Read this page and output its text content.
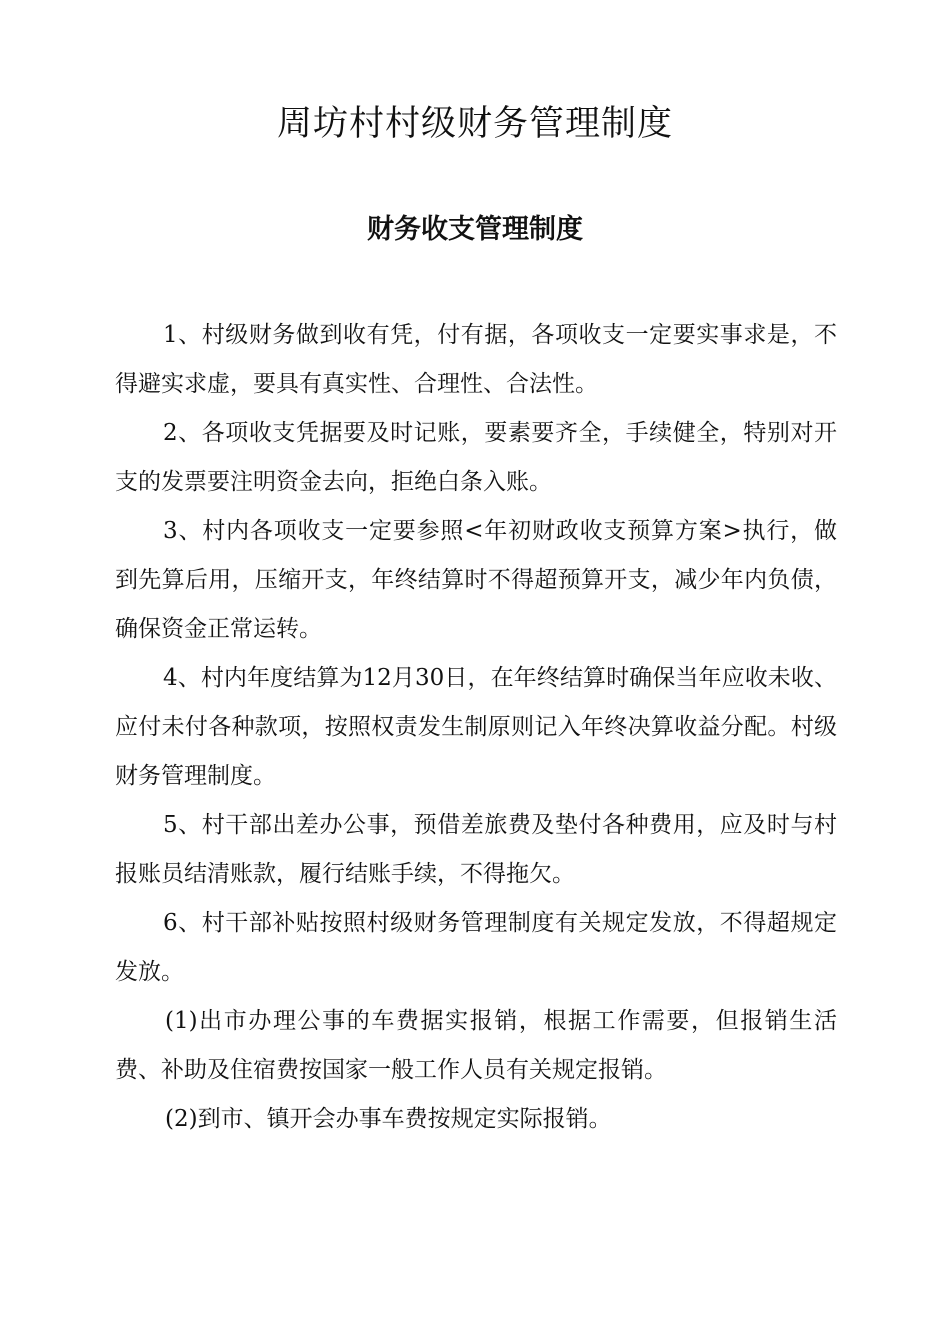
周坊村村级财务管理制度
财务收支管理制度

1、村级财务做到收有凭，付有据，各项收支一定要实事求是，不得避实求虚，要具有真实性、合理性、合法性。

2、各项收支凭据要及时记账，要素要齐全，手续健全，特别对开支的发票要注明资金去向，拒绝白条入账。

3、村内各项收支一定要参照<年初财政收支预算方案>执行，做到先算后用，压缩开支，年终结算时不得超预算开支，减少年内负债，确保资金正常运转。

4、村内年度结算为12月30日，在年终结算时确保当年应收未收、应付未付各种款项，按照权责发生制原则记入年终决算收益分配。村级财务管理制度。

5、村干部出差办公事，预借差旅费及垫付各种费用，应及时与村报账员结清账款，履行结账手续，不得拖欠。

6、村干部补贴按照村级财务管理制度有关规定发放，不得超规定发放。

(1)出市办理公事的车费据实报销，根据工作需要，但报销生活费、补助及住宿费按国家一般工作人员有关规定报销。

(2)到市、镇开会办事车费按规定实际报销。
